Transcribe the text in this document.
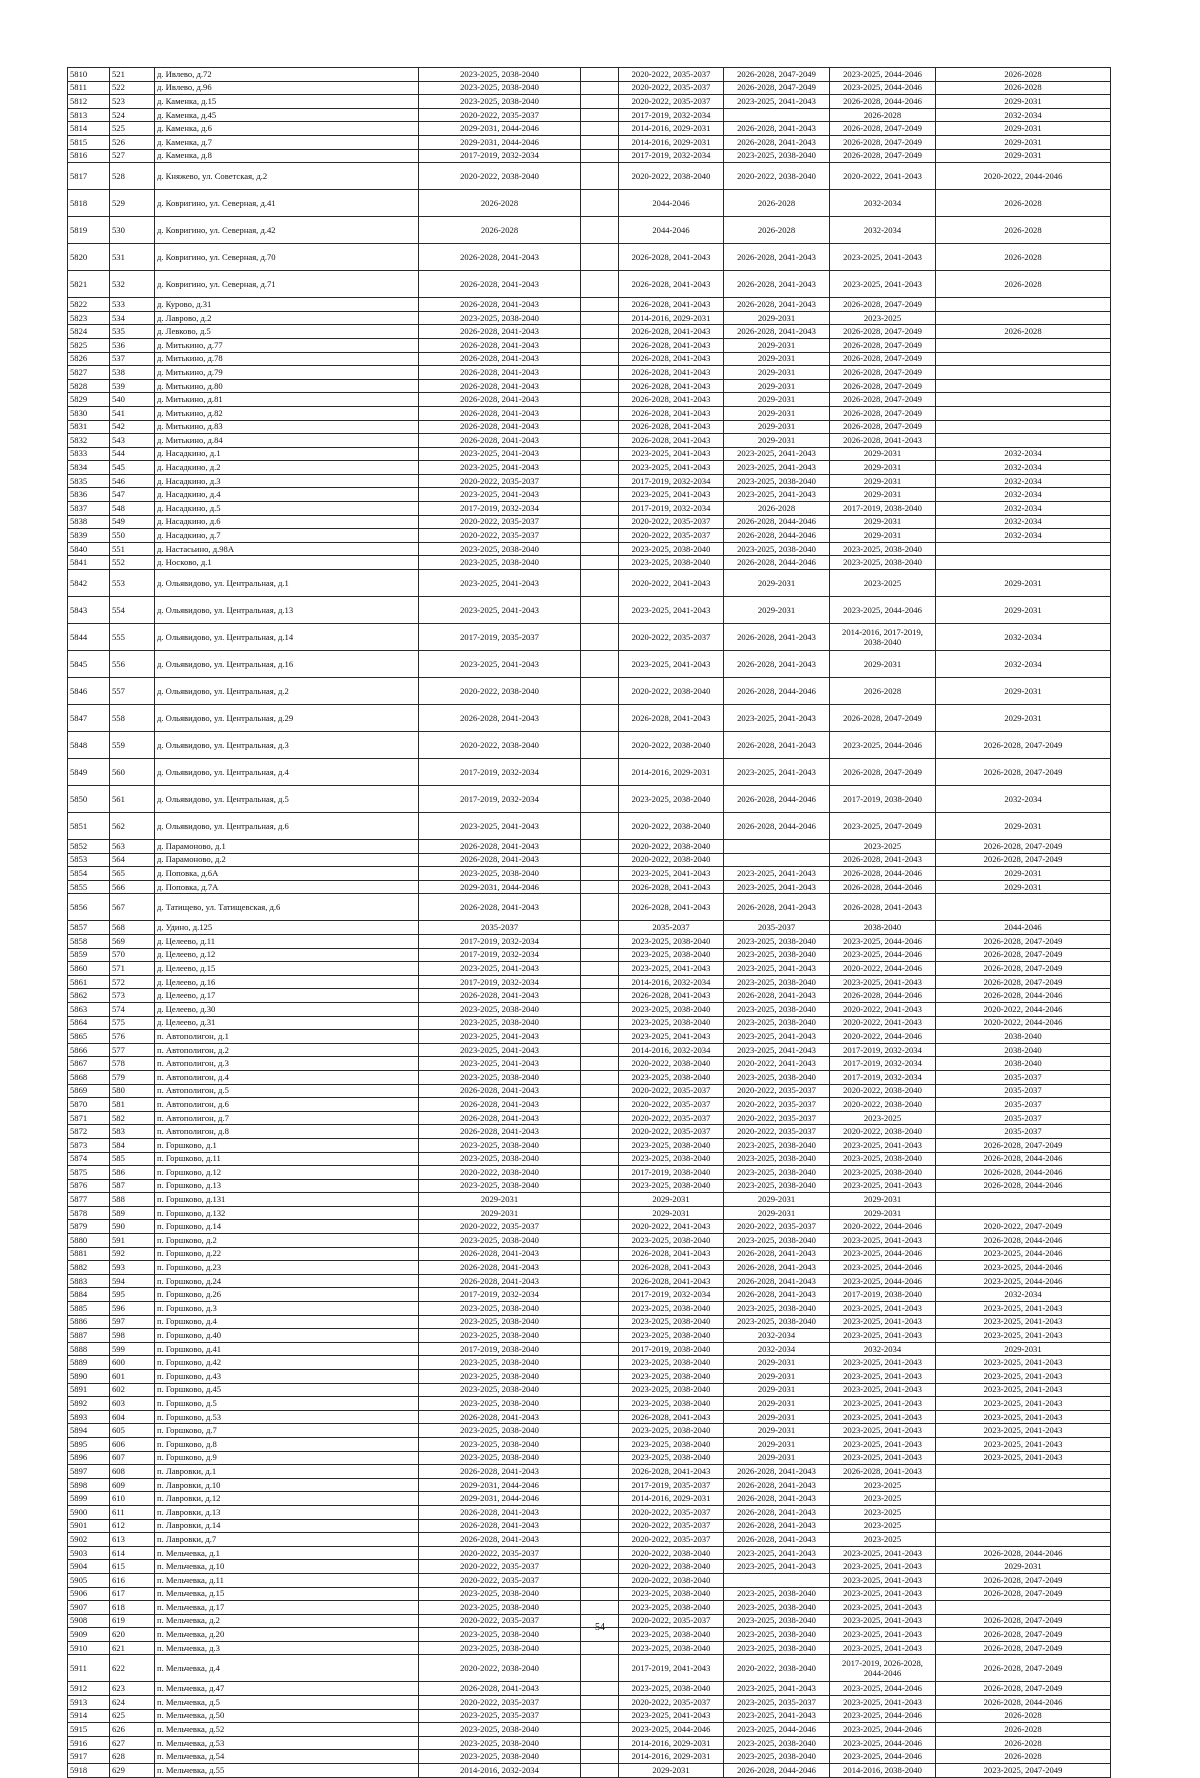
5810	521	д. Ивлево, д.72	2023-2025, 2038-2040		2020-2022, 2035-2037	2026-2028, 2047-2049	2023-2025, 2044-2046	2026-2028
5811	522	д. Ивлево, д.96	2023-2025, 2038-2040		2020-2022, 2035-2037	2026-2028, 2047-2049	2023-2025, 2044-2046	2026-2028
5812	523	д. Каменка, д.15	2023-2025, 2038-2040		2020-2022, 2035-2037	2023-2025, 2041-2043	2026-2028, 2044-2046	2029-2031
5813	524	д. Каменка, д.45	2020-2022, 2035-2037		2017-2019, 2032-2034		2026-2028	2032-2034
5814	525	д. Каменка, д.6	2029-2031, 2044-2046		2014-2016, 2029-2031	2026-2028, 2041-2043	2026-2028, 2047-2049	2029-2031
5815	526	д. Каменка, д.7	2029-2031, 2044-2046		2014-2016, 2029-2031	2026-2028, 2041-2043	2026-2028, 2047-2049	2029-2031
5816	527	д. Каменка, д.8	2017-2019, 2032-2034		2017-2019, 2032-2034	2023-2025, 2038-2040	2026-2028, 2047-2049	2029-2031
5817	528	д. Княжево, ул. Советская, д.2	2020-2022, 2038-2040		2020-2022, 2038-2040	2020-2022, 2038-2040	2020-2022, 2041-2043	2020-2022, 2044-2046
5818	529	д. Ковригино, ул. Северная, д.41	2026-2028		2044-2046	2026-2028	2032-2034	2026-2028
5819	530	д. Ковригино, ул. Северная, д.42	2026-2028		2044-2046	2026-2028	2032-2034	2026-2028
5820	531	д. Ковригино, ул. Северная, д.70	2026-2028, 2041-2043		2026-2028, 2041-2043	2026-2028, 2041-2043	2023-2025, 2041-2043	2026-2028
5821	532	д. Ковригино, ул. Северная, д.71	2026-2028, 2041-2043		2026-2028, 2041-2043	2026-2028, 2041-2043	2023-2025, 2041-2043	2026-2028
5822	533	д. Курово, д.31	2026-2028, 2041-2043		2026-2028, 2041-2043	2026-2028, 2041-2043	2026-2028, 2047-2049	
5823	534	д. Лаврово, д.2	2023-2025, 2038-2040		2014-2016, 2029-2031	2029-2031	2023-2025	
5824	535	д. Левково, д.5	2026-2028, 2041-2043		2026-2028, 2041-2043	2026-2028, 2041-2043	2026-2028, 2047-2049	2026-2028
5825	536	д. Митькино, д.77	2026-2028, 2041-2043		2026-2028, 2041-2043	2029-2031	2026-2028, 2047-2049	
5826	537	д. Митькино, д.78	2026-2028, 2041-2043		2026-2028, 2041-2043	2029-2031	2026-2028, 2047-2049	
5827	538	д. Митькино, д.79	2026-2028, 2041-2043		2026-2028, 2041-2043	2029-2031	2026-2028, 2047-2049	
5828	539	д. Митькино, д.80	2026-2028, 2041-2043		2026-2028, 2041-2043	2029-2031	2026-2028, 2047-2049	
5829	540	д. Митькино, д.81	2026-2028, 2041-2043		2026-2028, 2041-2043	2029-2031	2026-2028, 2047-2049	
5830	541	д. Митькино, д.82	2026-2028, 2041-2043		2026-2028, 2041-2043	2029-2031	2026-2028, 2047-2049	
5831	542	д. Митькино, д.83	2026-2028, 2041-2043		2026-2028, 2041-2043	2029-2031	2026-2028, 2047-2049	
5832	543	д. Митькино, д.84	2026-2028, 2041-2043		2026-2028, 2041-2043	2029-2031	2026-2028, 2041-2043	
5833	544	д. Насадкино, д.1	2023-2025, 2041-2043		2023-2025, 2041-2043	2023-2025, 2041-2043	2029-2031	2032-2034
5834	545	д. Насадкино, д.2	2023-2025, 2041-2043		2023-2025, 2041-2043	2023-2025, 2041-2043	2029-2031	2032-2034
5835	546	д. Насадкино, д.3	2020-2022, 2035-2037		2017-2019, 2032-2034	2023-2025, 2038-2040	2029-2031	2032-2034
5836	547	д. Насадкино, д.4	2023-2025, 2041-2043		2023-2025, 2041-2043	2023-2025, 2041-2043	2029-2031	2032-2034
5837	548	д. Насадкино, д.5	2017-2019, 2032-2034		2017-2019, 2032-2034	2026-2028	2017-2019, 2038-2040	2032-2034
5838	549	д. Насадкино, д.6	2020-2022, 2035-2037		2020-2022, 2035-2037	2026-2028, 2044-2046	2029-2031	2032-2034
5839	550	д. Насадкино, д.7	2020-2022, 2035-2037		2020-2022, 2035-2037	2026-2028, 2044-2046	2029-2031	2032-2034
5840	551	д. Настасьино, д.98А	2023-2025, 2038-2040		2023-2025, 2038-2040	2023-2025, 2038-2040	2023-2025, 2038-2040	
5841	552	д. Носково, д.1	2023-2025, 2038-2040		2023-2025, 2038-2040	2026-2028, 2044-2046	2023-2025, 2038-2040	
5842	553	д. Ольявидово, ул. Центральная, д.1	2023-2025, 2041-2043		2020-2022, 2041-2043	2029-2031	2023-2025	2029-2031
5843	554	д. Ольявидово, ул. Центральная, д.13	2023-2025, 2041-2043		2023-2025, 2041-2043	2029-2031	2023-2025, 2044-2046	2029-2031
5844	555	д. Ольявидово, ул. Центральная, д.14	2017-2019, 2035-2037		2020-2022, 2035-2037	2026-2028, 2041-2043	2014-2016, 2017-2019, 2038-2040	2032-2034
5845	556	д. Ольявидово, ул. Центральная, д.16	2023-2025, 2041-2043		2023-2025, 2041-2043	2026-2028, 2041-2043	2029-2031	2032-2034
5846	557	д. Ольявидово, ул. Центральная, д.2	2020-2022, 2038-2040		2020-2022, 2038-2040	2026-2028, 2044-2046	2026-2028	2029-2031
5847	558	д. Ольявидово, ул. Центральная, д.29	2026-2028, 2041-2043		2026-2028, 2041-2043	2023-2025, 2041-2043	2026-2028, 2047-2049	2029-2031
5848	559	д. Ольявидово, ул. Центральная, д.3	2020-2022, 2038-2040		2020-2022, 2038-2040	2026-2028, 2041-2043	2023-2025, 2044-2046	2026-2028, 2047-2049
5849	560	д. Ольявидово, ул. Центральная, д.4	2017-2019, 2032-2034		2014-2016, 2029-2031	2023-2025, 2041-2043	2026-2028, 2047-2049	2026-2028, 2047-2049
5850	561	д. Ольявидово, ул. Центральная, д.5	2017-2019, 2032-2034		2023-2025, 2038-2040	2026-2028, 2044-2046	2017-2019, 2038-2040	2032-2034
5851	562	д. Ольявидово, ул. Центральная, д.6	2023-2025, 2041-2043		2020-2022, 2038-2040	2026-2028, 2044-2046	2023-2025, 2047-2049	2029-2031
5852	563	д. Парамоново, д.1	2026-2028, 2041-2043		2020-2022, 2038-2040		2023-2025	2026-2028, 2047-2049
5853	564	д. Парамоново, д.2	2026-2028, 2041-2043		2020-2022, 2038-2040		2026-2028, 2041-2043	2026-2028, 2047-2049
5854	565	д. Поповка, д.6А	2023-2025, 2038-2040		2023-2025, 2041-2043	2023-2025, 2041-2043	2026-2028, 2044-2046	2029-2031
5855	566	д. Поповка, д.7А	2029-2031, 2044-2046		2026-2028, 2041-2043	2023-2025, 2041-2043	2026-2028, 2044-2046	2029-2031
5856	567	д. Татищево, ул. Татищевская, д.6	2026-2028, 2041-2043		2026-2028, 2041-2043	2026-2028, 2041-2043	2026-2028, 2041-2043	
5857	568	д. Удино, д.125	2035-2037		2035-2037	2035-2037	2038-2040	2044-2046
5858	569	д. Целеево, д.11	2017-2019, 2032-2034		2023-2025, 2038-2040	2023-2025, 2038-2040	2023-2025, 2044-2046	2026-2028, 2047-2049
5859	570	д. Целеево, д.12	2017-2019, 2032-2034		2023-2025, 2038-2040	2023-2025, 2038-2040	2023-2025, 2044-2046	2026-2028, 2047-2049
5860	571	д. Целеево, д.15	2023-2025, 2041-2043		2023-2025, 2041-2043	2023-2025, 2041-2043	2020-2022, 2044-2046	2026-2028, 2047-2049
5861	572	д. Целеево, д.16	2017-2019, 2032-2034		2014-2016, 2032-2034	2023-2025, 2038-2040	2023-2025, 2041-2043	2026-2028, 2047-2049
5862	573	д. Целеево, д.17	2026-2028, 2041-2043		2026-2028, 2041-2043	2026-2028, 2041-2043	2026-2028, 2044-2046	2026-2028, 2044-2046
5863	574	д. Целеево, д.30	2023-2025, 2038-2040		2023-2025, 2038-2040	2023-2025, 2038-2040	2020-2022, 2041-2043	2020-2022, 2044-2046
5864	575	д. Целеево, д.31	2023-2025, 2038-2040		2023-2025, 2038-2040	2023-2025, 2038-2040	2020-2022, 2041-2043	2020-2022, 2044-2046
5865	576	п. Автополигон, д.1	2023-2025, 2041-2043		2023-2025, 2041-2043	2023-2025, 2041-2043	2020-2022, 2044-2046	2038-2040
5866	577	п. Автополигон, д.2	2023-2025, 2041-2043		2014-2016, 2032-2034	2023-2025, 2041-2043	2017-2019, 2032-2034	2038-2040
5867	578	п. Автополигон, д.3	2023-2025, 2041-2043		2020-2022, 2038-2040	2020-2022, 2041-2043	2017-2019, 2032-2034	2038-2040
5868	579	п. Автополигон, д.4	2023-2025, 2038-2040		2023-2025, 2038-2040	2023-2025, 2038-2040	2017-2019, 2032-2034	2035-2037
5869	580	п. Автополигон, д.5	2026-2028, 2041-2043		2020-2022, 2035-2037	2020-2022, 2035-2037	2020-2022, 2038-2040	2035-2037
5870	581	п. Автополигон, д.6	2026-2028, 2041-2043		2020-2022, 2035-2037	2020-2022, 2035-2037	2020-2022, 2038-2040	2035-2037
5871	582	п. Автополигон, д.7	2026-2028, 2041-2043		2020-2022, 2035-2037	2020-2022, 2035-2037	2023-2025	2035-2037
5872	583	п. Автополигон, д.8	2026-2028, 2041-2043		2020-2022, 2035-2037	2020-2022, 2035-2037	2020-2022, 2038-2040	2035-2037
5873	584	п. Горшково, д.1	2023-2025, 2038-2040		2023-2025, 2038-2040	2023-2025, 2038-2040	2023-2025, 2041-2043	2026-2028, 2047-2049
5874	585	п. Горшково, д.11	2023-2025, 2038-2040		2023-2025, 2038-2040	2023-2025, 2038-2040	2023-2025, 2038-2040	2026-2028, 2044-2046
5875	586	п. Горшково, д.12	2020-2022, 2038-2040		2017-2019, 2038-2040	2023-2025, 2038-2040	2023-2025, 2038-2040	2026-2028, 2044-2046
5876	587	п. Горшково, д.13	2023-2025, 2038-2040		2023-2025, 2038-2040	2023-2025, 2038-2040	2023-2025, 2041-2043	2026-2028, 2044-2046
5877	588	п. Горшково, д.131	2029-2031		2029-2031	2029-2031	2029-2031	
5878	589	п. Горшково, д.132	2029-2031		2029-2031	2029-2031	2029-2031	
5879	590	п. Горшково, д.14	2020-2022, 2035-2037		2020-2022, 2041-2043	2020-2022, 2035-2037	2020-2022, 2044-2046	2020-2022, 2047-2049
5880	591	п. Горшково, д.2	2023-2025, 2038-2040		2023-2025, 2038-2040	2023-2025, 2038-2040	2023-2025, 2041-2043	2026-2028, 2044-2046
5881	592	п. Горшково, д.22	2026-2028, 2041-2043		2026-2028, 2041-2043	2026-2028, 2041-2043	2023-2025, 2044-2046	2023-2025, 2044-2046
5882	593	п. Горшково, д.23	2026-2028, 2041-2043		2026-2028, 2041-2043	2026-2028, 2041-2043	2023-2025, 2044-2046	2023-2025, 2044-2046
5883	594	п. Горшково, д.24	2026-2028, 2041-2043		2026-2028, 2041-2043	2026-2028, 2041-2043	2023-2025, 2044-2046	2023-2025, 2044-2046
5884	595	п. Горшково, д.26	2017-2019, 2032-2034		2017-2019, 2032-2034	2026-2028, 2041-2043	2017-2019, 2038-2040	2032-2034
5885	596	п. Горшково, д.3	2023-2025, 2038-2040		2023-2025, 2038-2040	2023-2025, 2038-2040	2023-2025, 2041-2043	2023-2025, 2041-2043
5886	597	п. Горшково, д.4	2023-2025, 2038-2040		2023-2025, 2038-2040	2023-2025, 2038-2040	2023-2025, 2041-2043	2023-2025, 2041-2043
5887	598	п. Горшково, д.40	2023-2025, 2038-2040		2023-2025, 2038-2040	2032-2034	2023-2025, 2041-2043	2023-2025, 2041-2043
5888	599	п. Горшково, д.41	2017-2019, 2038-2040		2017-2019, 2038-2040	2032-2034	2032-2034	2029-2031
5889	600	п. Горшково, д.42	2023-2025, 2038-2040		2023-2025, 2038-2040	2029-2031	2023-2025, 2041-2043	2023-2025, 2041-2043
5890	601	п. Горшково, д.43	2023-2025, 2038-2040		2023-2025, 2038-2040	2029-2031	2023-2025, 2041-2043	2023-2025, 2041-2043
5891	602	п. Горшково, д.45	2023-2025, 2038-2040		2023-2025, 2038-2040	2029-2031	2023-2025, 2041-2043	2023-2025, 2041-2043
5892	603	п. Горшково, д.5	2023-2025, 2038-2040		2023-2025, 2038-2040	2029-2031	2023-2025, 2041-2043	2023-2025, 2041-2043
5893	604	п. Горшково, д.53	2026-2028, 2041-2043		2026-2028, 2041-2043	2029-2031	2023-2025, 2041-2043	2023-2025, 2041-2043
5894	605	п. Горшково, д.7	2023-2025, 2038-2040		2023-2025, 2038-2040	2029-2031	2023-2025, 2041-2043	2023-2025, 2041-2043
5895	606	п. Горшково, д.8	2023-2025, 2038-2040		2023-2025, 2038-2040	2029-2031	2023-2025, 2041-2043	2023-2025, 2041-2043
5896	607	п. Горшково, д.9	2023-2025, 2038-2040		2023-2025, 2038-2040	2029-2031	2023-2025, 2041-2043	2023-2025, 2041-2043
5897	608	п. Лавровки, д.1	2026-2028, 2041-2043		2026-2028, 2041-2043	2026-2028, 2041-2043	2026-2028, 2041-2043	
5898	609	п. Лавровки, д.10	2029-2031, 2044-2046		2017-2019, 2035-2037	2026-2028, 2041-2043	2023-2025	
5899	610	п. Лавровки, д.12	2029-2031, 2044-2046		2014-2016, 2029-2031	2026-2028, 2041-2043	2023-2025	
5900	611	п. Лавровки, д.13	2026-2028, 2041-2043		2020-2022, 2035-2037	2026-2028, 2041-2043	2023-2025	
5901	612	п. Лавровки, д.14	2026-2028, 2041-2043		2020-2022, 2035-2037	2026-2028, 2041-2043	2023-2025	
5902	613	п. Лавровки, д.7	2026-2028, 2041-2043		2020-2022, 2035-2037	2026-2028, 2041-2043	2023-2025	
5903	614	п. Мельчевка, д.1	2020-2022, 2035-2037		2020-2022, 2038-2040	2023-2025, 2041-2043	2023-2025, 2041-2043	2026-2028, 2044-2046
5904	615	п. Мельчевка, д.10	2020-2022, 2035-2037		2020-2022, 2038-2040	2023-2025, 2041-2043	2023-2025, 2041-2043	2029-2031
5905	616	п. Мельчевка, д.11	2020-2022, 2035-2037		2020-2022, 2038-2040		2023-2025, 2041-2043	2026-2028, 2047-2049
5906	617	п. Мельчевка, д.15	2023-2025, 2038-2040		2023-2025, 2038-2040	2023-2025, 2038-2040	2023-2025, 2041-2043	2026-2028, 2047-2049
5907	618	п. Мельчевка, д.17	2023-2025, 2038-2040		2023-2025, 2038-2040	2023-2025, 2038-2040	2023-2025, 2041-2043	
5908	619	п. Мельчевка, д.2	2020-2022, 2035-2037		2020-2022, 2035-2037	2023-2025, 2038-2040	2023-2025, 2041-2043	2026-2028, 2047-2049
5909	620	п. Мельчевка, д.20	2023-2025, 2038-2040		2023-2025, 2038-2040	2023-2025, 2038-2040	2023-2025, 2041-2043	2026-2028, 2047-2049
5910	621	п. Мельчевка, д.3	2023-2025, 2038-2040		2023-2025, 2038-2040	2023-2025, 2038-2040	2023-2025, 2041-2043	2026-2028, 2047-2049
5911	622	п. Мельчевка, д.4	2020-2022, 2038-2040		2017-2019, 2041-2043	2020-2022, 2038-2040	2017-2019, 2026-2028, 2044-2046	2026-2028, 2047-2049
5912	623	п. Мельчевка, д.47	2026-2028, 2041-2043		2023-2025, 2038-2040	2023-2025, 2041-2043	2023-2025, 2044-2046	2026-2028, 2047-2049
5913	624	п. Мельчевка, д.5	2020-2022, 2035-2037		2020-2022, 2035-2037	2023-2025, 2035-2037	2023-2025, 2041-2043	2026-2028, 2044-2046
5914	625	п. Мельчевка, д.50	2023-2025, 2035-2037		2023-2025, 2041-2043	2023-2025, 2041-2043	2023-2025, 2044-2046	2026-2028
5915	626	п. Мельчевка, д.52	2023-2025, 2038-2040		2023-2025, 2044-2046	2023-2025, 2044-2046	2023-2025, 2044-2046	2026-2028
5916	627	п. Мельчевка, д.53	2023-2025, 2038-2040		2014-2016, 2029-2031	2023-2025, 2038-2040	2023-2025, 2044-2046	2026-2028
5917	628	п. Мельчевка, д.54	2023-2025, 2038-2040		2014-2016, 2029-2031	2023-2025, 2038-2040	2023-2025, 2044-2046	2026-2028
5918	629	п. Мельчевка, д.55	2014-2016, 2032-2034		2029-2031	2026-2028, 2044-2046	2014-2016, 2038-2040	2023-2025, 2047-2049
54
